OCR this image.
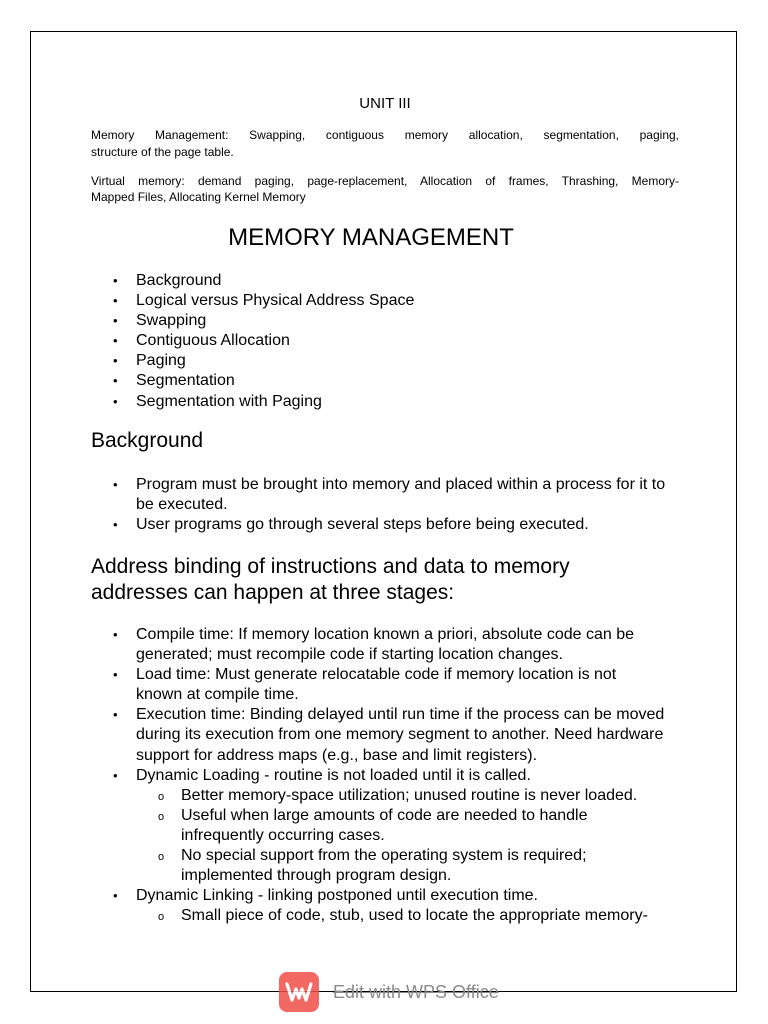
UNIT III
Memory Management: Swapping, contiguous memory allocation, segmentation, paging,
structure of the page table.
Virtual memory: demand paging, page-replacement, Allocation of frames, Thrashing, Memory-
Mapped Files, Allocating Kernel Memory
MEMORY MANAGEMENT
• Background
• Logical versus Physical Address Space
• Swapping
• Contiguous Allocation
• Paging
• Segmentation
• Segmentation with Paging
Background
• Program must be brought into memory and placed within a process for it to be executed.
• User programs go through several steps before being executed.
Address binding of instructions and data to memory addresses can happen at three stages:
• Compile time: If memory location known a priori, absolute code can be generated; must recompile code if starting location changes.
• Load time: Must generate relocatable code if memory location is not known at compile time.
• Execution time: Binding delayed until run time if the process can be moved during its execution from one memory segment to another. Need hardware support for address maps (e.g., base and limit registers).
• Dynamic Loading - routine is not loaded until it is called.
o Better memory-space utilization; unused routine is never loaded.
o Useful when large amounts of code are needed to handle infrequently occurring cases.
o No special support from the operating system is required; implemented through program design.
• Dynamic Linking - linking postponed until execution time.
o Small piece of code, stub, used to locate the appropriate memory-
Edit with WPS Office
